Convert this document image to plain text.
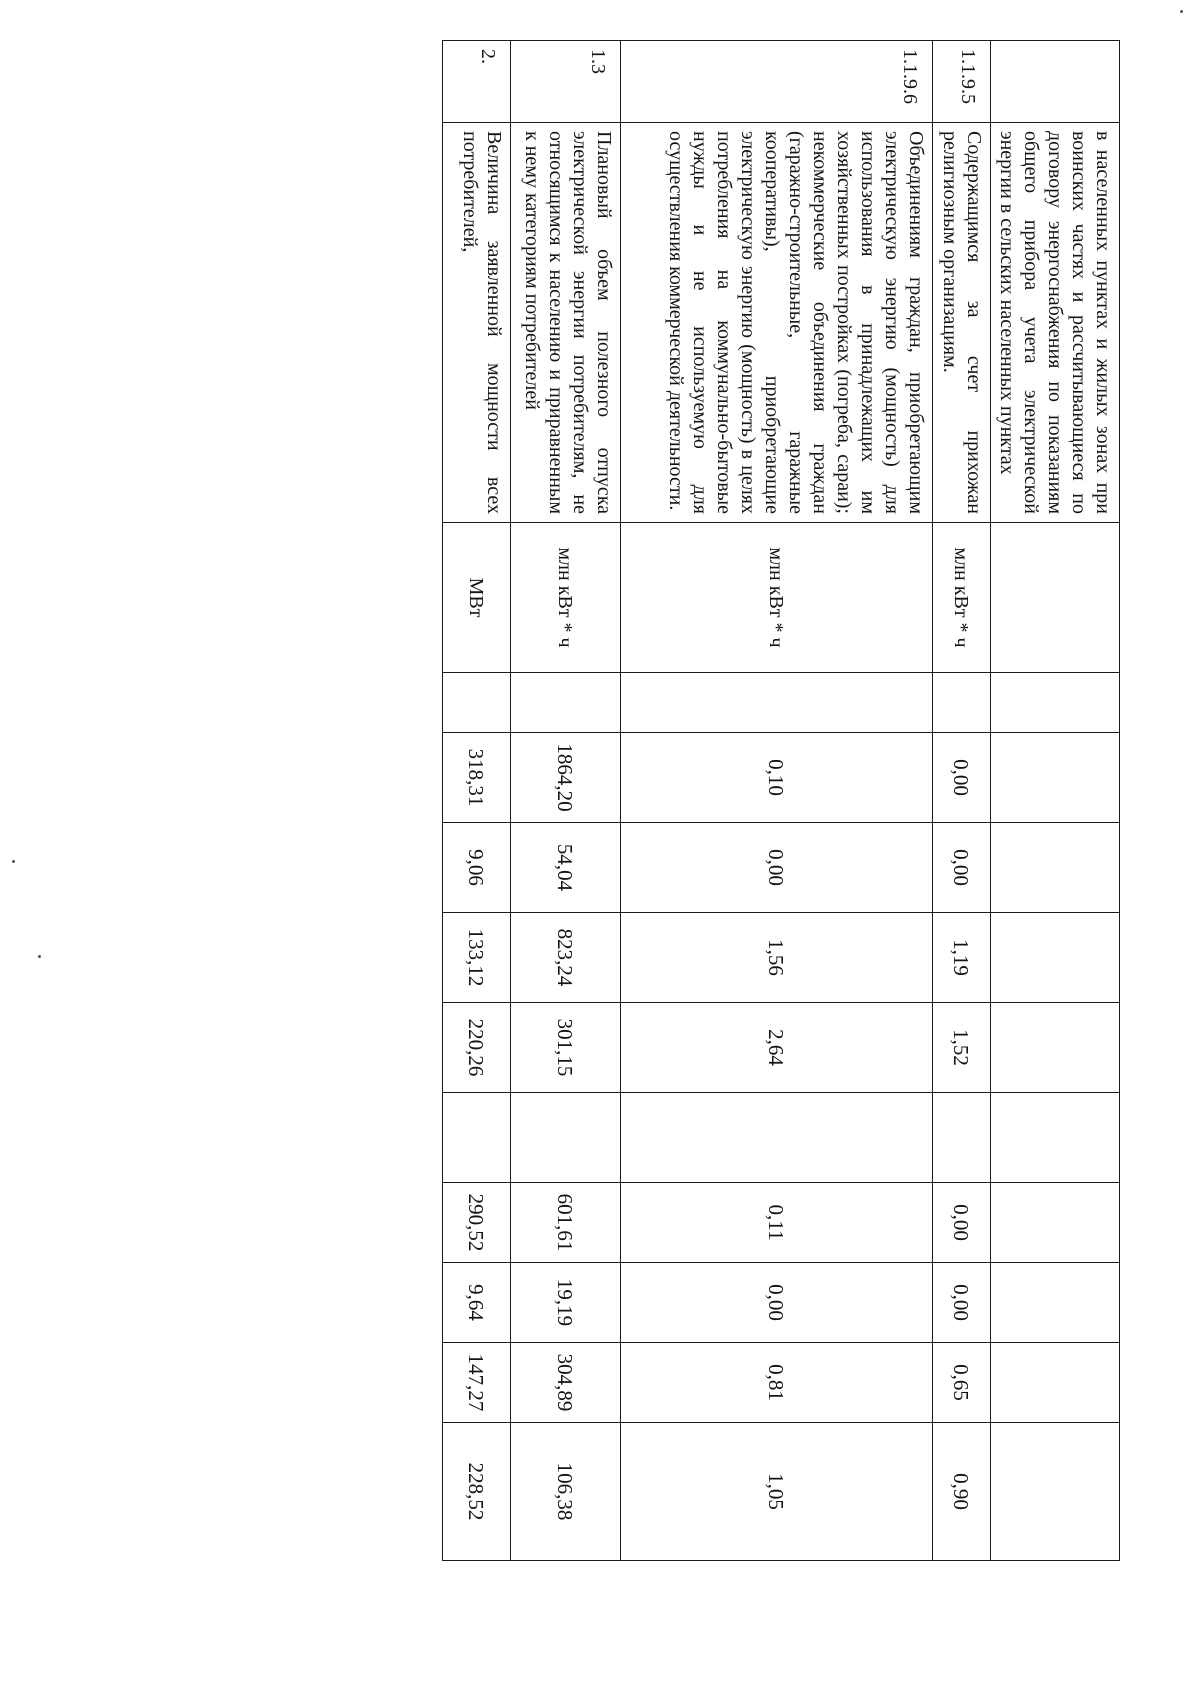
	в населенных пунктах и жилых зонах при воинских частях и рассчитывающиеся по договору энергоснабжения по показаниям общего прибора учета электрической энергии в сельских населенных пунктах											
1.1.9.5	Содержащимся за счет прихожан религиозным организациям.	млн кВт * ч		0,00	0,00	1,19	1,52		0,00	0,00	0,65	0,90
1.1.9.6	Объединениям граждан, приобретающим электрическую энергию (мощность) для использования в принадлежащих им хозяйственных постройках (погреба, сараи); некоммерческие объединения граждан (гаражно-строительные, гаражные кооперативы), приобретающие электрическую энергию (мощность) в целях потребления на коммунально-бытовые нужды и не используемую для осуществления коммерческой деятельности.	млн кВт * ч		0,10	0,00	1,56	2,64		0,11	0,00	0,81	1,05
1.3	Плановый объем полезного отпуска электрической энергии потребителям, не относящимся к населению и приравненным к нему категориям потребителей	млн кВт * ч		1864,20	54,04	823,24	301,15		601,61	19,19	304,89	106,38
2.	Величина заявленной мощности всех потребителей,	МВт		318,31	9,06	133,12	220,26		290,52	9,64	147,27	228,52
